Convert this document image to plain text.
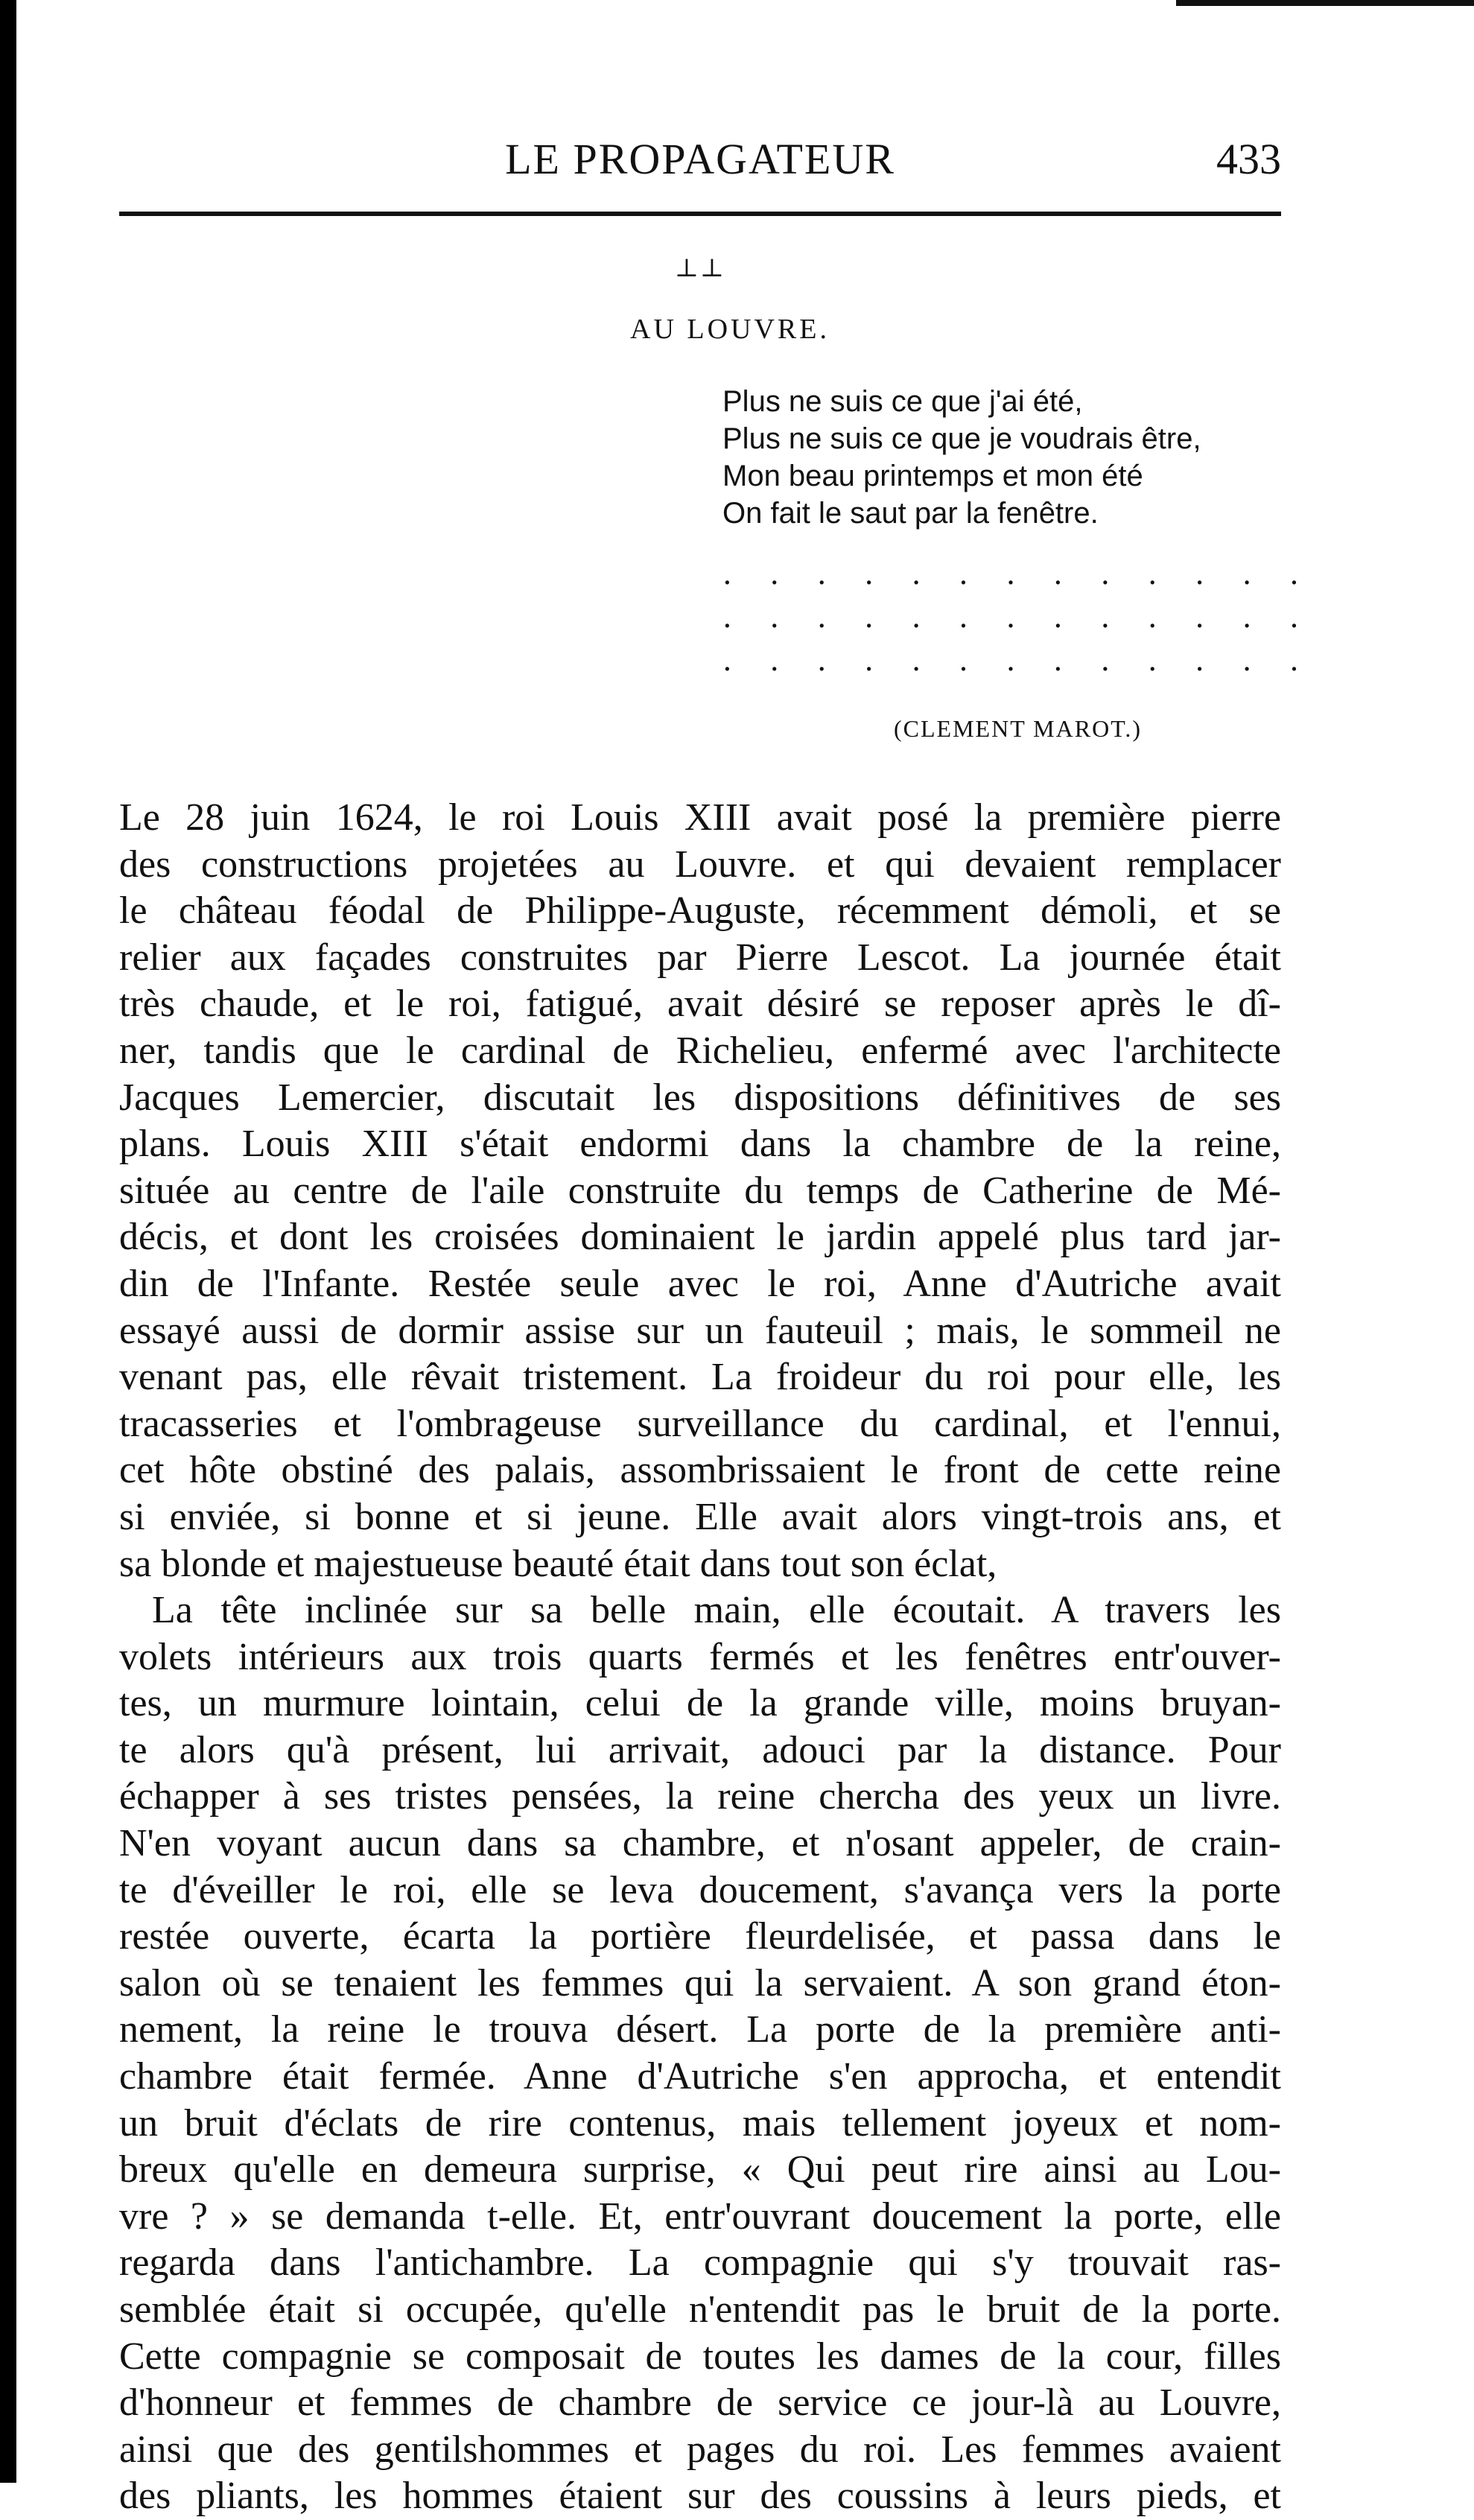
LE PROPAGATEUR	433
⊥⊥
AU LOUVRE.
Plus ne suis ce que j'ai été,
Plus ne suis ce que je voudrais être,
Mon beau printemps et mon été
On fait le saut par la fenêtre.
. . . . . . . . . . . . .
. . . . . . . . . . . . .
. . . . . . . . . . . . .
(CLEMENT MAROT.)
Le 28 juin 1624, le roi Louis XIII avait posé la première pierre
des constructions projetées au Louvre. et qui devaient remplacer
le château féodal de Philippe-Auguste, récemment démoli, et se
relier aux façades construites par Pierre Lescot. La journée était
très chaude, et le roi, fatigué, avait désiré se reposer après le dî-
ner, tandis que le cardinal de Richelieu, enfermé avec l'architecte
Jacques Lemercier, discutait les dispositions définitives de ses
plans. Louis XIII s'était endormi dans la chambre de la reine,
située au centre de l'aile construite du temps de Catherine de Mé-
décis, et dont les croisées dominaient le jardin appelé plus tard jar-
din de l'Infante. Restée seule avec le roi, Anne d'Autriche avait
essayé aussi de dormir assise sur un fauteuil ; mais, le sommeil ne
venant pas, elle rêvait tristement. La froideur du roi pour elle, les
tracasseries et l'ombrageuse surveillance du cardinal, et l'ennui,
cet hôte obstiné des palais, assombrissaient le front de cette reine
si enviée, si bonne et si jeune. Elle avait alors vingt-trois ans, et
sa blonde et majestueuse beauté était dans tout son éclat,
La tête inclinée sur sa belle main, elle écoutait. A travers les
volets intérieurs aux trois quarts fermés et les fenêtres entr'ouver-
tes, un murmure lointain, celui de la grande ville, moins bruyan-
te alors qu'à présent, lui arrivait, adouci par la distance. Pour
échapper à ses tristes pensées, la reine chercha des yeux un livre.
N'en voyant aucun dans sa chambre, et n'osant appeler, de crain-
te d'éveiller le roi, elle se leva doucement, s'avança vers la porte
restée ouverte, écarta la portière fleurdelisée, et passa dans le
salon où se tenaient les femmes qui la servaient. A son grand éton-
nement, la reine le trouva désert. La porte de la première anti-
chambre était fermée. Anne d'Autriche s'en approcha, et entendit
un bruit d'éclats de rire contenus, mais tellement joyeux et nom-
breux qu'elle en demeura surprise, « Qui peut rire ainsi au Lou-
vre ? » se demanda t-elle. Et, entr'ouvrant doucement la porte, elle
regarda dans l'antichambre. La compagnie qui s'y trouvait ras-
semblée était si occupée, qu'elle n'entendit pas le bruit de la porte.
Cette compagnie se composait de toutes les dames de la cour, filles
d'honneur et femmes de chambre de service ce jour-là au Louvre,
ainsi que des gentilshommes et pages du roi. Les femmes avaient
des pliants, les hommes étaient sur des coussins à leurs pieds, et
